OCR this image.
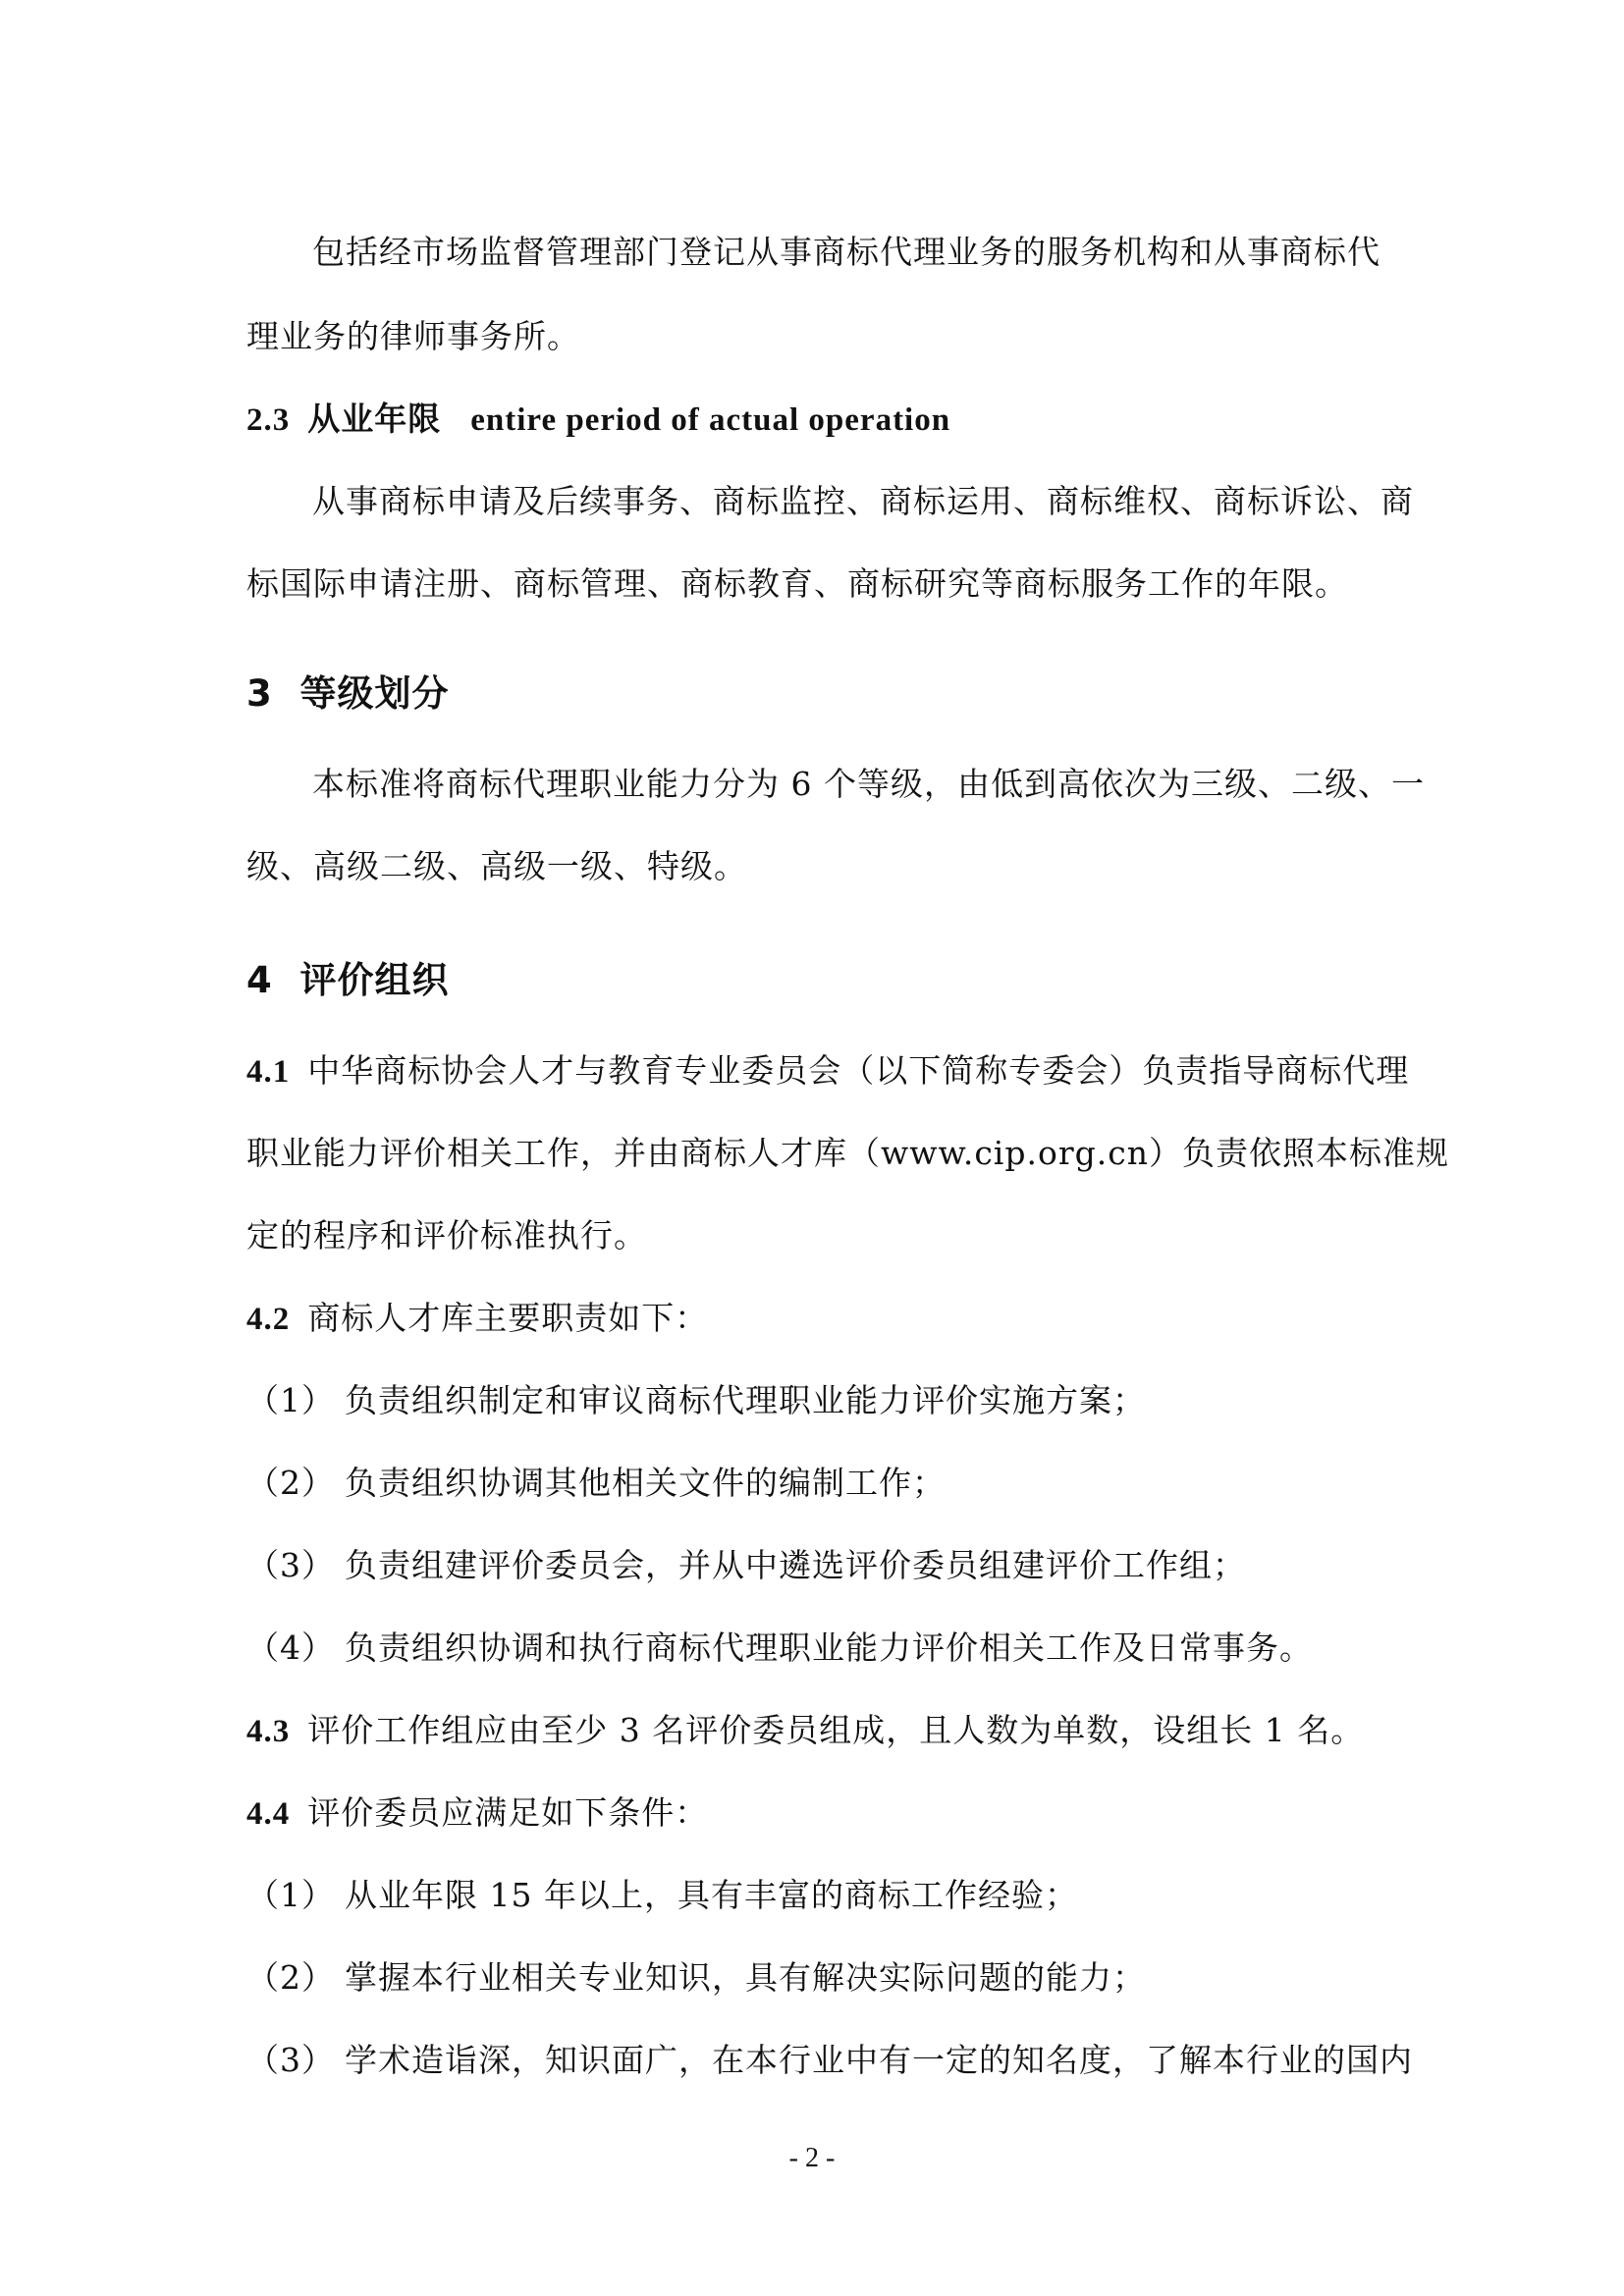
包括经市场监督管理部门登记从事商标代理业务的服务机构和从事商标代
理业务的律师事务所。
2.3 从业年限 entire period of actual operation
从事商标申请及后续事务、商标监控、商标运用、商标维权、商标诉讼、商
标国际申请注册、商标管理、商标教育、商标研究等商标服务工作的年限。
3 等级划分
本标准将商标代理职业能力分为 6 个等级，由低到高依次为三级、二级、一
级、高级二级、高级一级、特级。
4 评价组织
4.1 中华商标协会人才与教育专业委员会（以下简称专委会）负责指导商标代理
职业能力评价相关工作，并由商标人才库（www.cip.org.cn）负责依照本标准规
定的程序和评价标准执行。
4.2 商标人才库主要职责如下：
（1） 负责组织制定和审议商标代理职业能力评价实施方案；
（2） 负责组织协调其他相关文件的编制工作；
（3） 负责组建评价委员会，并从中遴选评价委员组建评价工作组；
（4） 负责组织协调和执行商标代理职业能力评价相关工作及日常事务。
4.3 评价工作组应由至少 3 名评价委员组成，且人数为单数，设组长 1 名。
4.4 评价委员应满足如下条件：
（1） 从业年限 15 年以上，具有丰富的商标工作经验；
（2） 掌握本行业相关专业知识，具有解决实际问题的能力；
（3） 学术造诣深，知识面广，在本行业中有一定的知名度，了解本行业的国内
- 2 -
